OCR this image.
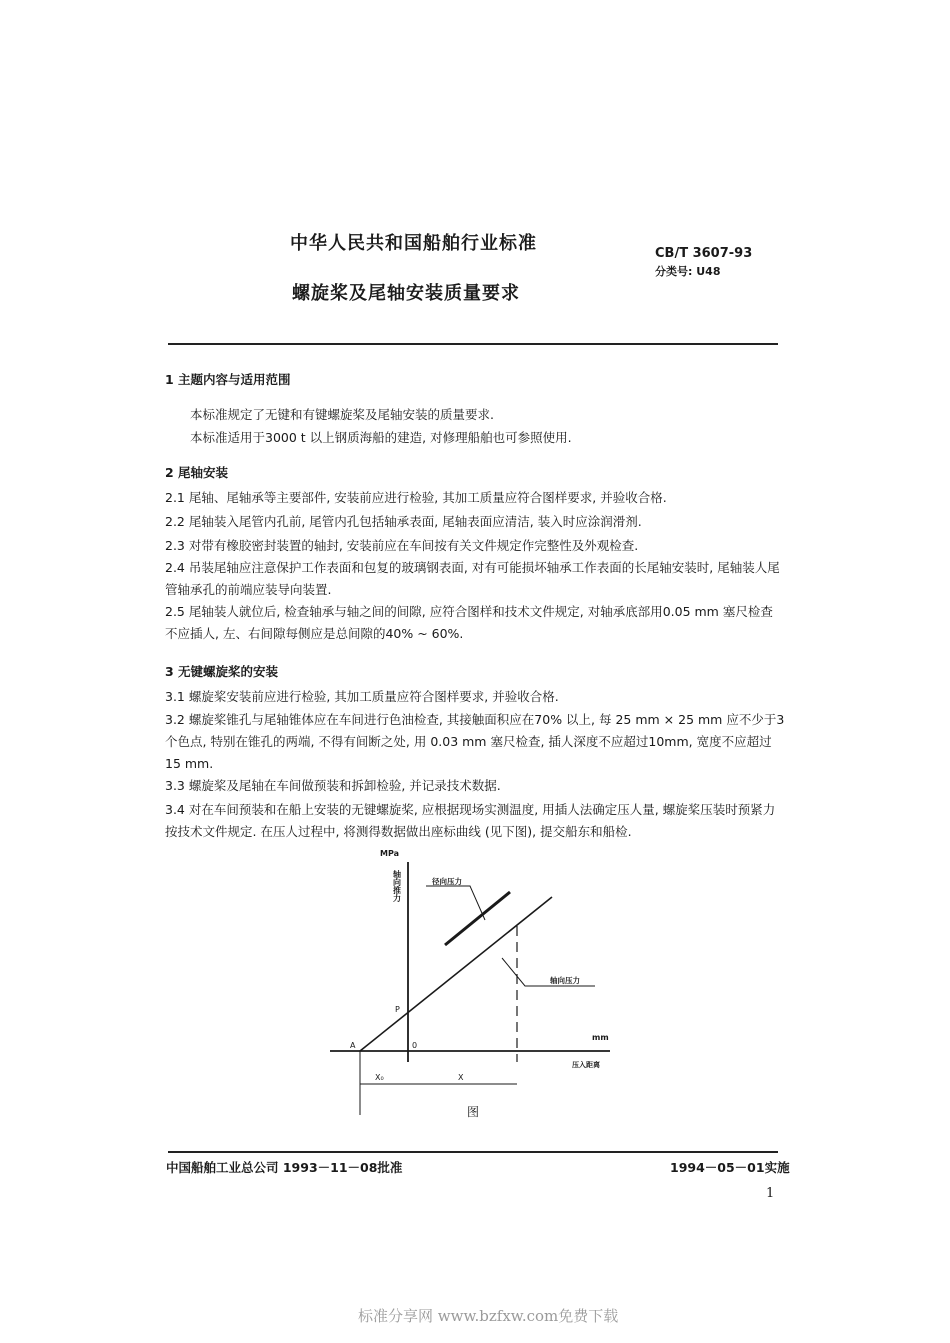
中华人民共和国船舶行业标准
螺旋桨及尾轴安装质量要求
CB/T 3607-93
分类号: U48
1 主题内容与适用范围
本标准规定了无键和有键螺旋桨及尾轴安装的质量要求.
本标准适用于3000 t 以上钢质海船的建造, 对修理船舶也可参照使用.
2 尾轴安装
2.1 尾轴、尾轴承等主要部件, 安装前应进行检验, 其加工质量应符合图样要求, 并验收合格.
2.2 尾轴装入尾管内孔前, 尾管内孔包括轴承表面, 尾轴表面应清洁, 装入时应涂润滑剂.
2.3 对带有橡胶密封装置的轴封, 安装前应在车间按有关文件规定作完整性及外观检查.
2.4 吊装尾轴应注意保护工作表面和包复的玻璃钢表面, 对有可能损坏轴承工作表面的长尾轴安装时, 尾轴装人尾管轴承孔的前端应装导向装置.
2.5 尾轴装人就位后, 检查轴承与轴之间的间隙, 应符合图样和技术文件规定, 对轴承底部用0.05 mm 塞尺检查不应插人, 左、右间隙每侧应是总间隙的40% ~ 60%.
3 无键螺旋桨的安装
3.1 螺旋桨安装前应进行检验, 其加工质量应符合图样要求, 并验收合格.
3.2 螺旋桨锥孔与尾轴锥体应在车间进行色油检查, 其接触面积应在70% 以上, 每 25 mm × 25 mm 应不少于3个色点, 特别在锥孔的两端, 不得有间断之处, 用 0.03 mm 塞尺检查, 插人深度不应超过10mm, 宽度不应超过15 mm.
3.3 螺旋桨及尾轴在车间做预装和拆卸检验, 并记录技术数据.
3.4 对在车间预装和在船上安装的无键螺旋桨, 应根据现场实测温度, 用插人法确定压人量, 螺旋桨压装时预紧力按技术文件规定. 在压人过程中, 将测得数据做出座标曲线 (见下图), 提交船东和船检.
MPa
轴向推力
mm
压入距离
径向压力
轴向压力
P
A	0
X₀	X
图
中国船舶工业总公司 1993－11－08批准	1994－05－01实施
1
标准分享网 www.bzfxw.com免费下载
